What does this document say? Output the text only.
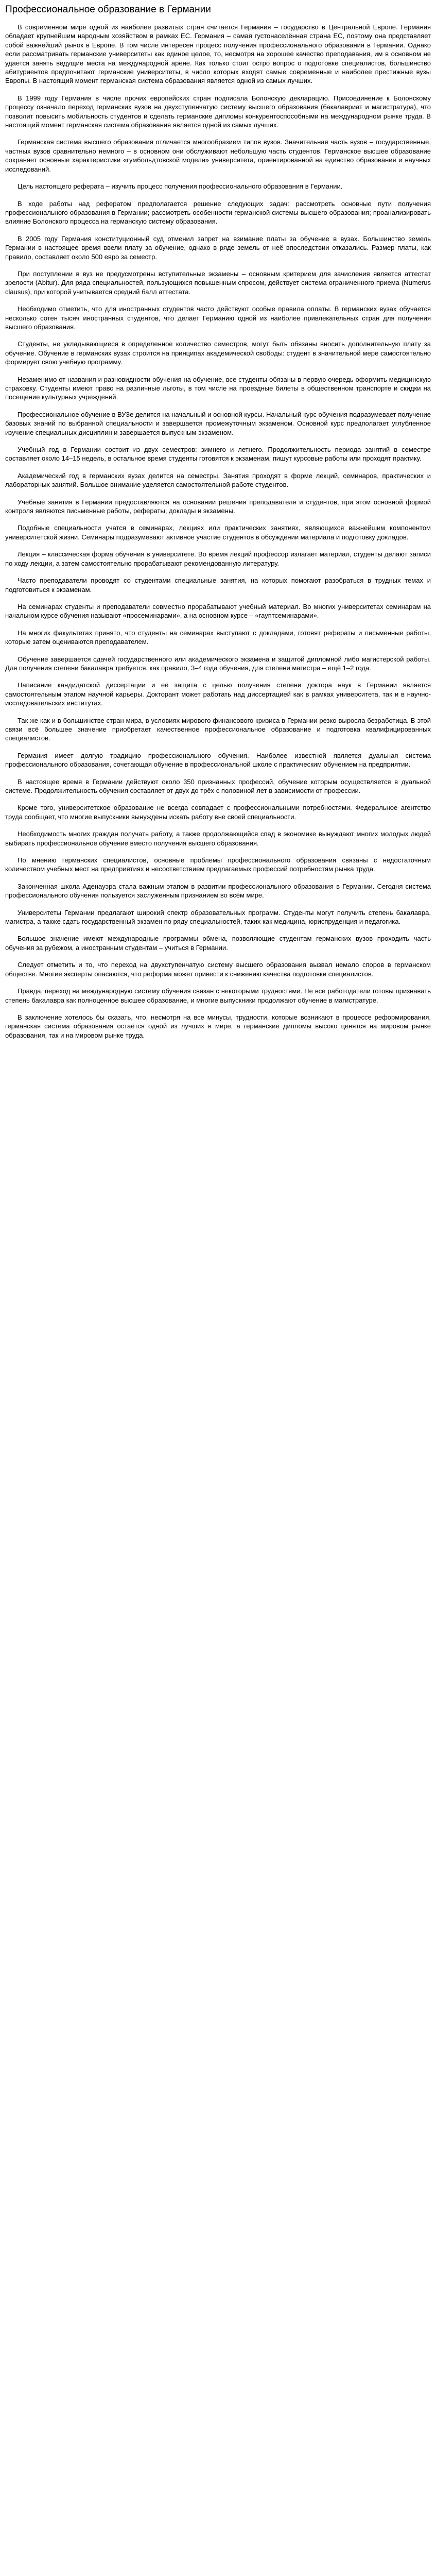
Профессиональное образование в Германии

В современном мире одной из наиболее развитых стран считается Германия – государство в Центральной Европе. Германия обладает крупнейшим народным хозяйством в рамках ЕС. Германия – самая густонаселённая страна ЕС, поэтому она представляет собой важнейший рынок в Европе. В том числе интересен процесс получения профессионального образования в Германии. Однако если рассматривать германские университеты как единое целое, то, несмотря на хорошее качество преподавания, им в основном не удается занять ведущие места на международной арене. Как только стоит остро вопрос о подготовке специалистов, большинство абитуриентов предпочитают германские университеты, в число которых входят самые современные и наиболее престижные вузы Европы. В настоящий момент германская система образования является одной из самых лучших.

В 1999 году Германия в числе прочих европейских стран подписала Болонскую декларацию. Присоединение к Болонскому процессу означало переход германских вузов на двухступенчатую систему высшего образования (бакалавриат и магистратура), что позволит повысить мобильность студентов и сделать германские дипломы конкурентоспособными на международном рынке труда. В настоящий момент германская система образования является одной из самых лучших.

Германская система высшего образования отличается многообразием типов вузов. Значительная часть вузов – государственные, частных вузов сравнительно немного – в основном они обслуживают небольшую часть студентов. Германское высшее образование сохраняет основные характеристики «гумбольдтовской модели» университета, ориентированной на единство образования и научных исследований.

Цель настоящего реферата – изучить процесс получения профессионального образования в Германии.

В ходе работы над рефератом предполагается решение следующих задач: рассмотреть основные пути получения профессионального образования в Германии; рассмотреть особенности германской системы высшего образования; проанализировать влияние Болонского процесса на германскую систему образования.

В 2005 году Германия конституционный суд отменил запрет на взимание платы за обучение в вузах. Большинство земель Германии в настоящее время ввели плату за обучение, однако в ряде земель от неё впоследствии отказались. Размер платы, как правило, составляет около 500 евро за семестр.

При поступлении в вуз не предусмотрены вступительные экзамены – основным критерием для зачисления является аттестат зрелости (Abitur). Для ряда специальностей, пользующихся повышенным спросом, действует система ограниченного приема (Numerus clausus), при которой учитывается средний балл аттестата.

Необходимо отметить, что для иностранных студентов часто действуют особые правила оплаты. В германских вузах обучается несколько сотен тысяч иностранных студентов, что делает Германию одной из наиболее привлекательных стран для получения высшего образования.

Студенты, не укладывающиеся в определенное количество семестров, могут быть обязаны вносить дополнительную плату за обучение. Обучение в германских вузах строится на принципах академической свободы: студент в значительной мере самостоятельно формирует свою учебную программу.

Незаменимо от названия и разновидности обучения на обучение, все студенты обязаны в первую очередь оформить медицинскую страховку. Студенты имеют право на различные льготы, в том числе на проездные билеты в общественном транспорте и скидки на посещение культурных учреждений.

Профессиональное обучение в ВУЗе делится на начальный и основной курсы. Начальный курс обучения подразумевает получение базовых знаний по выбранной специальности и завершается промежуточным экзаменом. Основной курс предполагает углубленное изучение специальных дисциплин и завершается выпускным экзаменом.

Учебный год в Германии состоит из двух семестров: зимнего и летнего. Продолжительность периода занятий в семестре составляет около 14–15 недель, в остальное время студенты готовятся к экзаменам, пишут курсовые работы или проходят практику.

Академический год в германских вузах делится на семестры. Занятия проходят в форме лекций, семинаров, практических и лабораторных занятий. Большое внимание уделяется самостоятельной работе студентов.

Учебные занятия в Германии предоставляются на основании решения преподавателя и студентов, при этом основной формой контроля являются письменные работы, рефераты, доклады и экзамены.

Подобные специальности учатся в семинарах, лекциях или практических занятиях, являющихся важнейшим компонентом университетской жизни. Семинары подразумевают активное участие студентов в обсуждении материала и подготовку докладов.

Лекция – классическая форма обучения в университете. Во время лекций профессор излагает материал, студенты делают записи по ходу лекции, а затем самостоятельно прорабатывают рекомендованную литературу.

Часто преподаватели проводят со студентами специальные занятия, на которых помогают разобраться в трудных темах и подготовиться к экзаменам.

На семинарах студенты и преподаватели совместно прорабатывают учебный материал. Во многих университетах семинарам на начальном курсе обучения называют «просеминарами», а на основном курсе – «гауптсеминарами».

На многих факультетах принято, что студенты на семинарах выступают с докладами, готовят рефераты и письменные работы, которые затем оцениваются преподавателем.

Обучение завершается сдачей государственного или академического экзамена и защитой дипломной либо магистерской работы. Для получения степени бакалавра требуется, как правило, 3–4 года обучения, для степени магистра – ещё 1–2 года.

Написание кандидатской диссертации и её защита с целью получения степени доктора наук в Германии является самостоятельным этапом научной карьеры. Докторант может работать над диссертацией как в рамках университета, так и в научно-исследовательских институтах.

Так же как и в большинстве стран мира, в условиях мирового финансового кризиса в Германии резко выросла безработица. В этой связи всё большее значение приобретает качественное профессиональное образование и подготовка квалифицированных специалистов.

Германия имеет долгую традицию профессионального обучения. Наиболее известной является дуальная система профессионального образования, сочетающая обучение в профессиональной школе с практическим обучением на предприятии.

В настоящее время в Германии действуют около 350 признанных профессий, обучение которым осуществляется в дуальной системе. Продолжительность обучения составляет от двух до трёх с половиной лет в зависимости от профессии.

Кроме того, университетское образование не всегда совпадает с профессиональными потребностями. Федеральное агентство труда сообщает, что многие выпускники вынуждены искать работу вне своей специальности.

Необходимость многих граждан получать работу, а также продолжающийся спад в экономике вынуждают многих молодых людей выбирать профессиональное обучение вместо получения высшего образования.

По мнению германских специалистов, основные проблемы профессионального образования связаны с недостаточным количеством учебных мест на предприятиях и несоответствием предлагаемых профессий потребностям рынка труда.

Законченная школа Аденауэра стала важным этапом в развитии профессионального образования в Германии. Сегодня система профессионального обучения пользуется заслуженным признанием во всём мире.

Университеты Германии предлагают широкий спектр образовательных программ. Студенты могут получить степень бакалавра, магистра, а также сдать государственный экзамен по ряду специальностей, таких как медицина, юриспруденция и педагогика.

Большое значение имеют международные программы обмена, позволяющие студентам германских вузов проходить часть обучения за рубежом, а иностранным студентам – учиться в Германии.

Следует отметить и то, что переход на двухступенчатую систему высшего образования вызвал немало споров в германском обществе. Многие эксперты опасаются, что реформа может привести к снижению качества подготовки специалистов.

Правда, переход на международную систему обучения связан с некоторыми трудностями. Не все работодатели готовы признавать степень бакалавра как полноценное высшее образование, и многие выпускники продолжают обучение в магистратуре.

В заключение хотелось бы сказать, что, несмотря на все минусы, трудности, которые возникают в процессе реформирования, германская система образования остаётся одной из лучших в мире, а германские дипломы высоко ценятся на мировом рынке образования, так и на мировом рынке труда.
